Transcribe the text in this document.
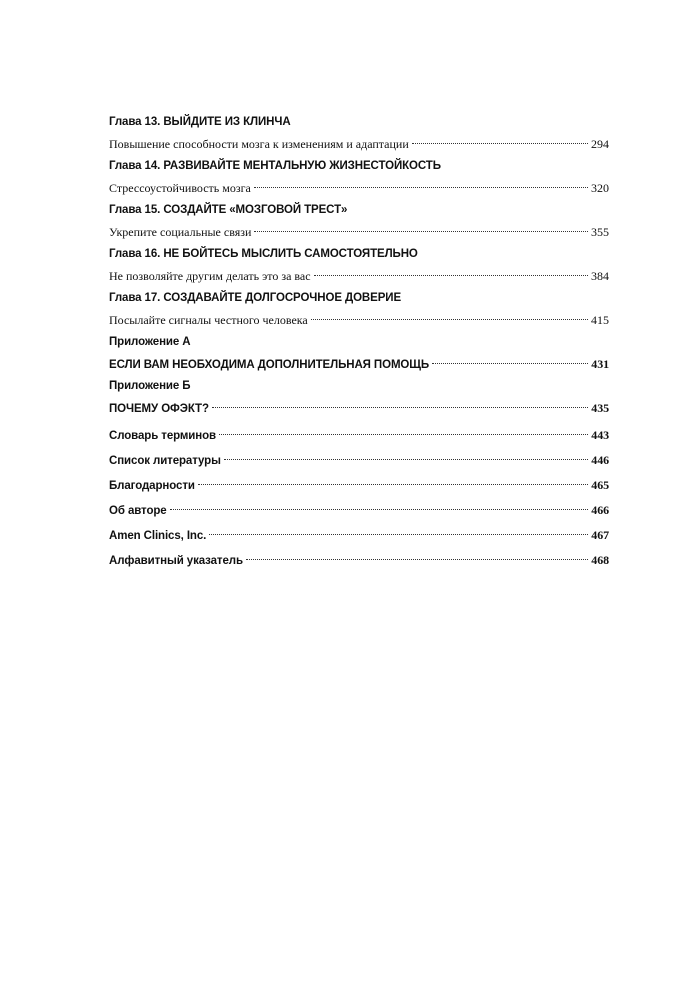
Глава 13. ВЫЙДИТЕ ИЗ КЛИНЧА
Повышение способности мозга к изменениям и адаптации	294
Глава 14. РАЗВИВАЙТЕ МЕНТАЛЬНУЮ ЖИЗНЕСТОЙКОСТЬ
Стрессоустойчивость мозга	320
Глава 15. СОЗДАЙТЕ «МОЗГОВОЙ ТРЕСТ»
Укрепите социальные связи	355
Глава 16. НЕ БОЙТЕСЬ МЫСЛИТЬ САМОСТОЯТЕЛЬНО
Не позволяйте другим делать это за вас	384
Глава 17. СОЗДАВАЙТЕ ДОЛГОСРОЧНОЕ ДОВЕРИЕ
Посылайте сигналы честного человека	415
Приложение А
ЕСЛИ ВАМ НЕОБХОДИМА ДОПОЛНИТЕЛЬНАЯ ПОМОЩЬ	431
Приложение Б
ПОЧЕМУ ОФЭКТ?	435
Словарь терминов	443
Список литературы	446
Благодарности	465
Об авторе	466
Amen Clinics, Inc.	467
Алфавитный указатель	468
